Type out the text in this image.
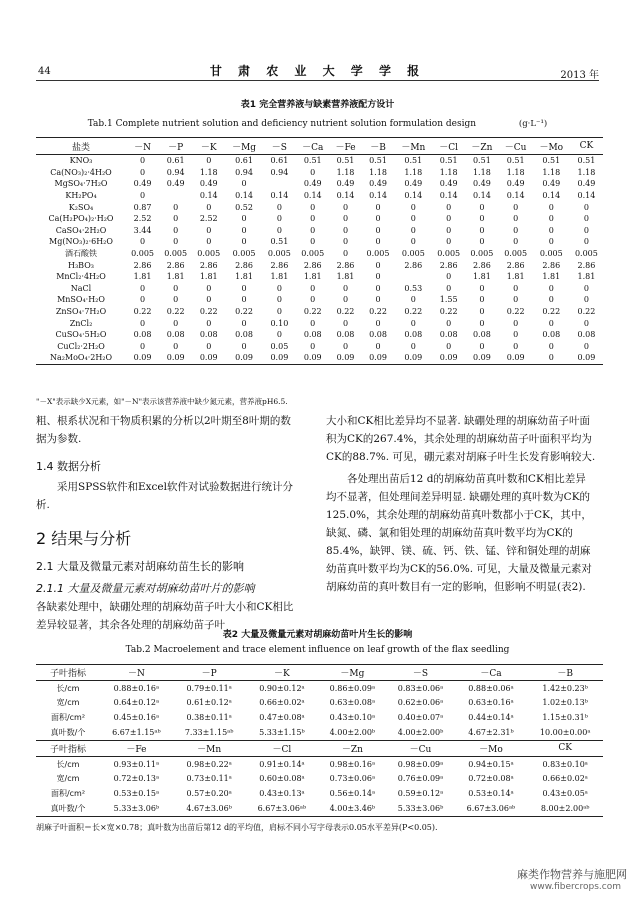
44	甘 肃 农 业 大 学 学 报	2013 年
表1 完全营养液与缺素营养液配方设计
Tab.1 Complete nutrient solution and deficiency nutrient solution formulation design	(g·L⁻¹)
盐类	－N	－P	－K	－Mg	－S	－Ca	－Fe	－B	－Mn	－Cl	－Zn	－Cu	－Mo	CK
KNO₃	0	0.61	0	0.61	0.61	0.51	0.51	0.51	0.51	0.51	0.51	0.51	0.51	0.51
Ca(NO₃)₂·4H₂O	0	0.94	1.18	0.94	0.94	0	1.18	1.18	1.18	1.18	1.18	1.18	1.18	1.18
MgSO₄·7H₂O	0.49	0.49	0.49	0		0.49	0.49	0.49	0.49	0.49	0.49	0.49	0.49	0.49
KH₂PO₄	0		0.14	0.14	0.14	0.14	0.14	0.14	0.14	0.14	0.14	0.14	0.14	0.14
K₂SO₄	0.87	0	0	0.52	0	0	0	0	0	0	0	0	0	0
Ca(H₂PO₄)₂·H₂O	2.52	0	2.52	0	0	0	0	0	0	0	0	0	0	0
CaSO₄·2H₂O	3.44	0	0	0	0	0	0	0	0	0	0	0	0	0
Mg(NO₃)₂·6H₂O	0	0	0	0	0.51	0	0	0	0	0	0	0	0	0
酒石酸铁	0.005	0.005	0.005	0.005	0.005	0.005	0	0.005	0.005	0.005	0.005	0.005	0.005	0.005
H₃BO₃	2.86	2.86	2.86	2.86	2.86	2.86	2.86	0	2.86	2.86	2.86	2.86	2.86	2.86
MnCl₂·4H₂O	1.81	1.81	1.81	1.81	1.81	1.81	1.81	0		0	1.81	1.81	1.81	1.81
NaCl	0	0	0	0	0	0	0	0	0.53	0	0	0	0	0
MnSO₄·H₂O	0	0	0	0	0	0	0	0	0	1.55	0	0	0	0
ZnSO₄·7H₂O	0.22	0.22	0.22	0.22	0	0.22	0.22	0.22	0.22	0.22	0	0.22	0.22	0.22
ZnCl₂	0	0	0	0	0.10	0	0	0	0	0	0	0	0	0
CuSO₄·5H₂O	0.08	0.08	0.08	0.08	0	0.08	0.08	0.08	0.08	0.08	0.08	0	0.08	0.08
CuCl₂·2H₂O	0	0	0	0	0.05	0	0	0	0	0	0	0	0	0
Na₂MoO₄·2H₂O	0.09	0.09	0.09	0.09	0.09	0.09	0.09	0.09	0.09	0.09	0.09	0.09	0	0.09
"－X"表示缺少X元素，如"－N"表示该营养液中缺少氮元素，营养液pH6.5.
粗、根系状况和干物质积累的分析以2叶期至8叶期的数据为参数.
1.4 数据分析
采用SPSS软件和Excel软件对试验数据进行统计分析.
2 结果与分析
2.1 大量及微量元素对胡麻幼苗生长的影响
2.1.1 大量及微量元素对胡麻幼苗叶片的影响
各缺素处理中，缺硼处理的胡麻幼苗子叶大小和CK相比差异较显著，其余各处理的胡麻幼苗子叶
大小和CK相比差异均不显著. 缺硼处理的胡麻幼苗子叶面积为CK的267.4%，其余处理的胡麻幼苗子叶面积平均为CK的88.7%. 可见，硼元素对胡麻子叶生长发育影响较大.
各处理出苗后12 d的胡麻幼苗真叶数和CK相比差异均不显著，但处理间差异明显. 缺硼处理的真叶数为CK的125.0%，其余处理的胡麻幼苗真叶数都小于CK，其中，缺氮、磷、氯和钼处理的胡麻幼苗真叶数平均为CK的85.4%，缺钾、镁、硫、钙、铁、锰、锌和铜处理的胡麻幼苗真叶数平均为CK的56.0%. 可见，大量及微量元素对胡麻幼苗的真叶数目有一定的影响，但影响不明显(表2).
表2 大量及微量元素对胡麻幼苗叶片生长的影响
Tab.2 Macroelement and trace element influence on leaf growth of the flax seedling
子叶指标	－N	－P	－K	－Mg	－S	－Ca	－B
长/cm	0.88±0.16ᵃ	0.79±0.11ᵃ	0.90±0.12ᵃ	0.86±0.09ᵃ	0.83±0.06ᵃ	0.88±0.06ᵃ	1.42±0.23ᵇ
宽/cm	0.64±0.12ᵃ	0.61±0.12ᵃ	0.66±0.02ᵃ	0.63±0.08ᵃ	0.62±0.06ᵃ	0.63±0.16ᵃ	1.02±0.13ᵇ
面积/cm²	0.45±0.16ᵃ	0.38±0.11ᵃ	0.47±0.08ᵃ	0.43±0.10ᵃ	0.40±0.07ᵃ	0.44±0.14ᵃ	1.15±0.31ᵇ
真叶数/个	6.67±1.15ᵃᵇ	7.33±1.15ᵃᵇ	5.33±1.15ᵇ	4.00±2.00ᵇ	4.00±2.00ᵇ	4.67±2.31ᵇ	10.00±0.00ᵃ
子叶指标	－Fe	－Mn	－Cl	－Zn	－Cu	－Mo	CK
长/cm	0.93±0.11ᵃ	0.98±0.22ᵃ	0.91±0.14ᵃ	0.98±0.16ᵃ	0.98±0.09ᵃ	0.94±0.15ᵃ	0.83±0.10ᵃ
宽/cm	0.72±0.13ᵃ	0.73±0.11ᵃ	0.60±0.08ᵃ	0.73±0.06ᵃ	0.76±0.09ᵃ	0.72±0.08ᵃ	0.66±0.02ᵃ
面积/cm²	0.53±0.15ᵃ	0.57±0.20ᵃ	0.43±0.13ᵃ	0.56±0.14ᵃ	0.59±0.12ᵃ	0.53±0.14ᵃ	0.43±0.05ᵃ
真叶数/个	5.33±3.06ᵇ	4.67±3.06ᵇ	6.67±3.06ᵃᵇ	4.00±3.46ᵇ	5.33±3.06ᵇ	6.67±3.06ᵃᵇ	8.00±2.00ᵃᵇ
胡麻子叶面积＝长×宽×0.78；真叶数为出苗后第12 d的平均值，肩标不同小写字母表示0.05水平差异(P<0.05).
麻类作物营养与施肥网
www.fibercrops.com
